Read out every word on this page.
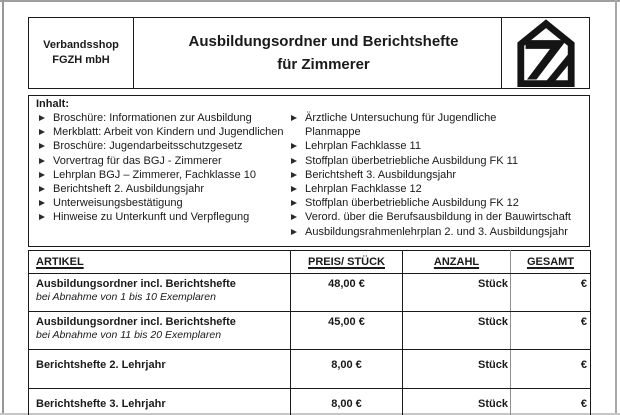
Verbandsshop
FGZH mbH
Ausbildungsordner und Berichtshefte
für Zimmerer
Inhalt:
Broschüre: Informationen zur Ausbildung
Merkblatt: Arbeit von Kindern und Jugendlichen
Broschüre: Jugendarbeitsschutzgesetz
Vorvertrag für das BGJ - Zimmerer
Lehrplan BGJ – Zimmerer, Fachklasse 10
Berichtsheft 2. Ausbildungsjahr
Unterweisungsbestätigung
Hinweise zu Unterkunft und Verpflegung
Ärztliche Untersuchung für Jugendliche
Planmappe
Lehrplan Fachklasse 11
Stoffplan überbetriebliche Ausbildung FK 11
Berichtsheft 3. Ausbildungsjahr
Lehrplan Fachklasse 12
Stoffplan überbetriebliche Ausbildung FK 12
Verord. über die Berufsausbildung in der Bauwirtschaft
Ausbildungsrahmenlehrplan 2. und 3. Ausbildungsjahr
ARTIKEL	PREIS/ STÜCK	ANZAHL	GESAMT

Ausbildungsordner incl. Berichtshefte
bei Abnahme von 1 bis 10 Exemplaren	48,00 €	Stück	€

Ausbildungsordner incl. Berichtshefte
bei Abnahme von 11 bis 20 Exemplaren	45,00 €	Stück	€

Berichtshefte 2. Lehrjahr	8,00 €	Stück	€

Berichtshefte 3. Lehrjahr	8,00 €	Stück	€
